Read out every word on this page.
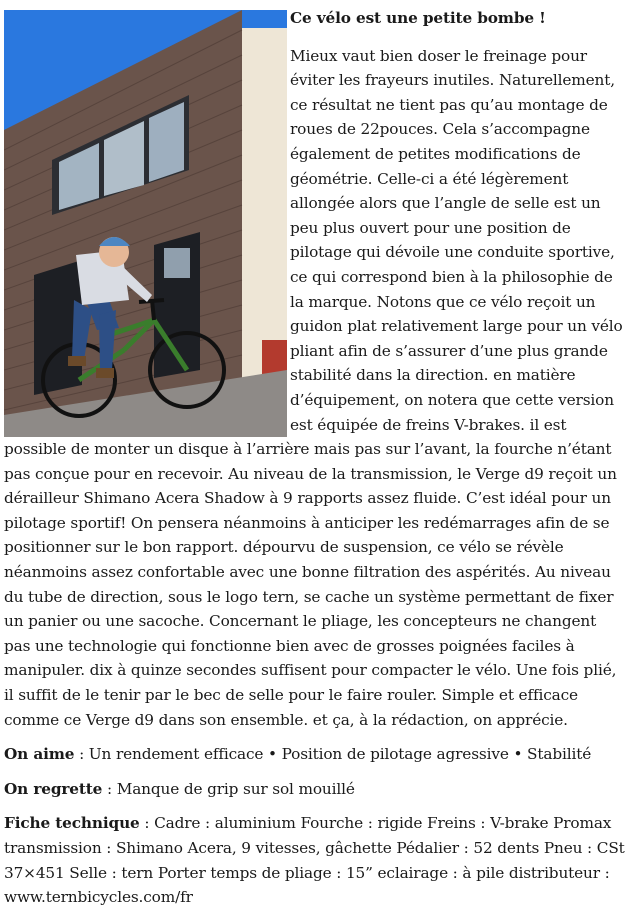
Ce vélo est une petite bombe !

Mieux vaut bien doser le freinage pour éviter les frayeurs inutiles. Naturellement, ce résultat ne tient pas qu’au montage de roues de 22pouces. Cela s’accompagne également de petites modifications de géométrie. Celle-ci a été légèrement allongée alors que l’angle de selle est un peu plus ouvert pour une position de pilotage qui dévoile une conduite sportive, ce qui correspond bien à la philosophie de la marque. Notons que ce vélo reçoit un guidon plat relativement large pour un vélo pliant afin de s’assurer d’une plus grande stabilité dans la direction. en matière d’équipement, on notera que cette version est équipée de freins V-brakes. il est possible de monter un disque à l’arrière mais pas sur l’avant, la fourche n’étant pas conçue pour en recevoir. Au niveau de la transmission, le Verge d9 reçoit un dérailleur Shimano Acera Shadow à 9 rapports assez fluide. C’est idéal pour un pilotage sportif! On pensera néanmoins à anticiper les redémarrages afin de se positionner sur le bon rapport. dépourvu de suspension, ce vélo se révèle néanmoins assez confortable avec une bonne filtration des aspérités. Au niveau du tube de direction, sous le logo tern, se cache un système permettant de fixer un panier ou une sacoche. Concernant le pliage, les concepteurs ne changent pas une technologie qui fonctionne bien avec de grosses poignées faciles à manipuler. dix à quinze secondes suffisent pour compacter le vélo. Une fois plié, il suffit de le tenir par le bec de selle pour le faire rouler. Simple et efficace comme ce Verge d9 dans son ensemble. et ça, à la rédaction, on apprécie.

On aime : Un rendement efficace • Position de pilotage agressive • Stabilité

On regrette : Manque de grip sur sol mouillé

Fiche technique : Cadre : aluminium Fourche : rigide Freins : V-brake Promax transmission : Shimano Acera, 9 vitesses, gâchette Pédalier : 52 dents Pneu : CSt 37×451 Selle : tern Porter temps de pliage : 15” eclairage : à pile distributeur : www.ternbicycles.com/fr
